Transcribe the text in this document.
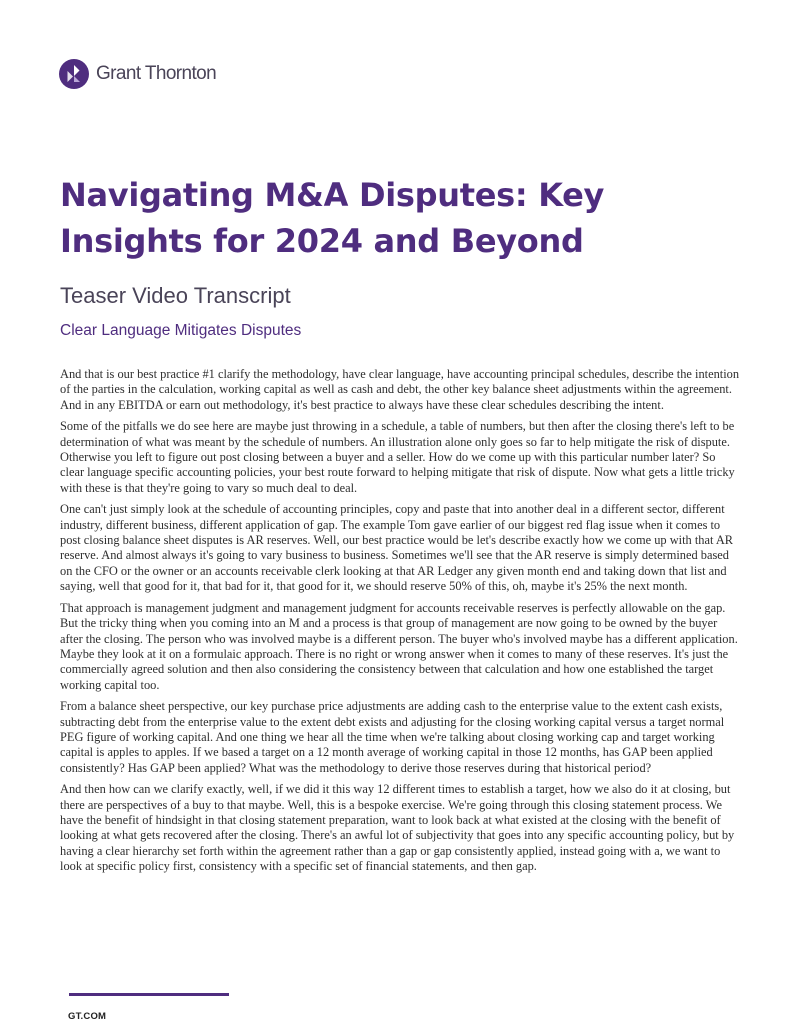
Grant Thornton
Navigating M&A Disputes: Key Insights for 2024 and Beyond
Teaser Video Transcript
Clear Language Mitigates Disputes

And that is our best practice #1 clarify the methodology, have clear language, have accounting principal schedules, describe the intention of the parties in the calculation, working capital as well as cash and debt, the other key balance sheet adjustments within the agreement. And in any EBITDA or earn out methodology, it's best practice to always have these clear schedules describing the intent.

Some of the pitfalls we do see here are maybe just throwing in a schedule, a table of numbers, but then after the closing there's left to be determination of what was meant by the schedule of numbers. An illustration alone only goes so far to help mitigate the risk of dispute. Otherwise you left to figure out post closing between a buyer and a seller. How do we come up with this particular number later? So clear language specific accounting policies, your best route forward to helping mitigate that risk of dispute. Now what gets a little tricky with these is that they're going to vary so much deal to deal.

One can't just simply look at the schedule of accounting principles, copy and paste that into another deal in a different sector, different industry, different business, different application of gap. The example Tom gave earlier of our biggest red flag issue when it comes to post closing balance sheet disputes is AR reserves. Well, our best practice would be let's describe exactly how we come up with that AR reserve. And almost always it's going to vary business to business. Sometimes we'll see that the AR reserve is simply determined based on the CFO or the owner or an accounts receivable clerk looking at that AR Ledger any given month end and taking down that list and saying, well that good for it, that bad for it, that good for it, we should reserve 50% of this, oh, maybe it's 25% the next month.

That approach is management judgment and management judgment for accounts receivable reserves is perfectly allowable on the gap. But the tricky thing when you coming into an M and a process is that group of management are now going to be owned by the buyer after the closing. The person who was involved maybe is a different person. The buyer who's involved maybe has a different application. Maybe they look at it on a formulaic approach. There is no right or wrong answer when it comes to many of these reserves. It's just the commercially agreed solution and then also considering the consistency between that calculation and how one established the target working capital too.

From a balance sheet perspective, our key purchase price adjustments are adding cash to the enterprise value to the extent cash exists, subtracting debt from the enterprise value to the extent debt exists and adjusting for the closing working capital versus a target normal PEG figure of working capital. And one thing we hear all the time when we're talking about closing working cap and target working capital is apples to apples. If we based a target on a 12 month average of working capital in those 12 months, has GAP been applied consistently? Has GAP been applied? What was the methodology to derive those reserves during that historical period?

And then how can we clarify exactly, well, if we did it this way 12 different times to establish a target, how we also do it at closing, but there are perspectives of a buy to that maybe. Well, this is a bespoke exercise. We're going through this closing statement process. We have the benefit of hindsight in that closing statement preparation, want to look back at what existed at the closing with the benefit of looking at what gets recovered after the closing. There's an awful lot of subjectivity that goes into any specific accounting policy, but by having a clear hierarchy set forth within the agreement rather than a gap or gap consistently applied, instead going with a, we want to look at specific policy first, consistency with a specific set of financial statements, and then gap.

GT.COM
